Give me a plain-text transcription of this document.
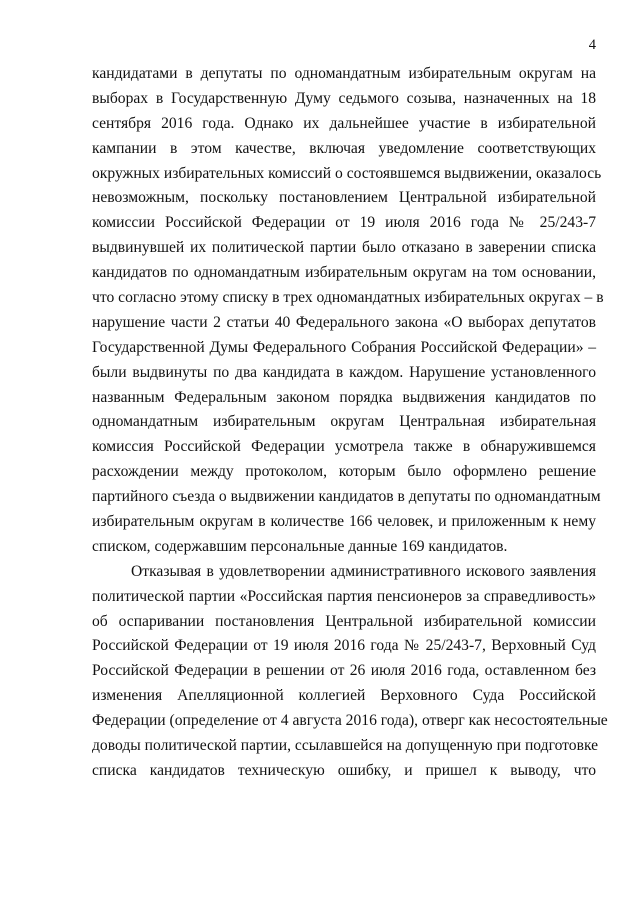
4
кандидатами в депутаты по одномандатным избирательным округам на
выборах в Государственную Думу седьмого созыва, назначенных на 18
сентября 2016 года. Однако их дальнейшее участие в избирательной
кампании в этом качестве, включая уведомление соответствующих
окружных избирательных комиссий о состоявшемся выдвижении, оказалось
невозможным, поскольку постановлением Центральной избирательной
комиссии Российской Федерации от 19 июля 2016 года № 25/243-7
выдвинувшей их политической партии было отказано в заверении списка
кандидатов по одномандатным избирательным округам на том основании,
что согласно этому списку в трех одномандатных избирательных округах – в
нарушение части 2 статьи 40 Федерального закона «О выборах депутатов
Государственной Думы Федерального Собрания Российской Федерации» –
были выдвинуты по два кандидата в каждом. Нарушение установленного
названным Федеральным законом порядка выдвижения кандидатов по
одномандатным избирательным округам Центральная избирательная
комиссия Российской Федерации усмотрела также в обнаружившемся
расхождении между протоколом, которым было оформлено решение
партийного съезда о выдвижении кандидатов в депутаты по одномандатным
избирательным округам в количестве 166 человек, и приложенным к нему
списком, содержавшим персональные данные 169 кандидатов.
Отказывая в удовлетворении административного искового заявления
политической партии «Российская партия пенсионеров за справедливость»
об оспаривании постановления Центральной избирательной комиссии
Российской Федерации от 19 июля 2016 года № 25/243-7, Верховный Суд
Российской Федерации в решении от 26 июля 2016 года, оставленном без
изменения Апелляционной коллегией Верховного Суда Российской
Федерации (определение от 4 августа 2016 года), отверг как несостоятельные
доводы политической партии, ссылавшейся на допущенную при подготовке
списка кандидатов техническую ошибку, и пришел к выводу, что
